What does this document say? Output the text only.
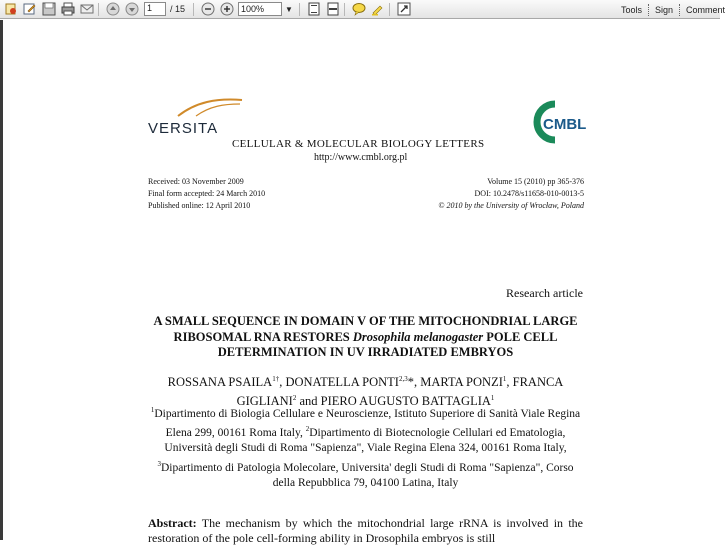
1	/ 15	100%	▼	Tools	Sign	Comment
VERSITA
CELLULAR & MOLECULAR BIOLOGY LETTERS
http://www.cmbl.org.pl
CMBL
Received: 03 November 2009
Final form accepted: 24 March 2010
Published online: 12 April 2010
Volume 15 (2010) pp 365-376
DOI: 10.2478/s11658-010-0013-5
© 2010 by the University of Wrocław, Poland
Research article
A SMALL SEQUENCE IN DOMAIN V OF THE MITOCHONDRIAL LARGE RIBOSOMAL RNA RESTORES Drosophila melanogaster POLE CELL DETERMINATION IN UV IRRADIATED EMBRYOS
ROSSANA $PSAILA^{1\dagger}$, DONATELLA PONTI$^{2,3}$*, MARTA PONZI$^1$, FRANCA GIGLIANI$^2$ and PIERO AUGUSTO BATTAGLIA$^1$
$^1$Dipartimento di Biologia Cellulare e Neuroscienze, Istituto Superiore di Sanità Viale Regina Elena 299, 00161 Roma Italy, $^2$Dipartimento di Biotecnologie Cellulari ed Ematologia, Università degli Studi di Roma "Sapienza", Viale Regina Elena 324, 00161 Roma Italy, $^3$Dipartimento di Patologia Molecolare, Universita' degli Studi di Roma "Sapienza", Corso della Repubblica 79, 04100 Latina, Italy
Abstract: The mechanism by which the mitochondrial large rRNA is involved in the restoration of the pole cell-forming ability in Drosophila embryos is still
